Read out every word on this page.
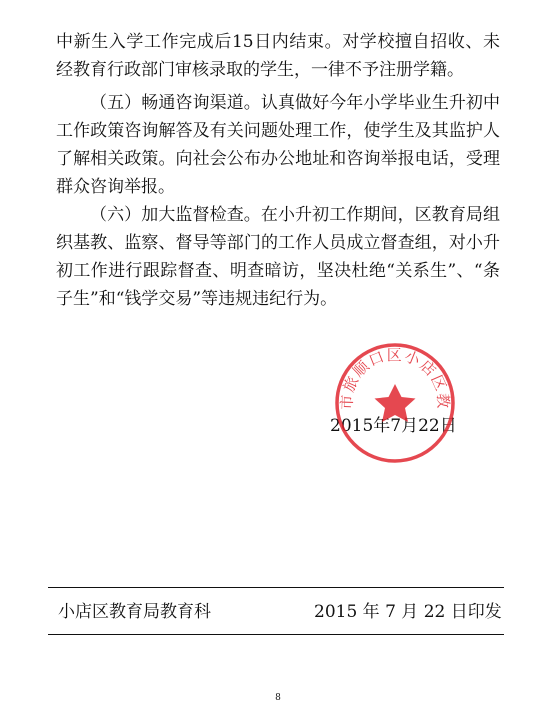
中新生入学工作完成后15日内结束。对学校擅自招收、未经教育行政部门审核录取的学生，一律不予注册学籍。

（五）畅通咨询渠道。认真做好今年小学毕业生升初中工作政策咨询解答及有关问题处理工作，使学生及其监护人了解相关政策。向社会公布办公地址和咨询举报电话，受理群众咨询举报。

（六）加大监督检查。在小升初工作期间，区教育局组织基教、监察、督导等部门的工作人员成立督查组，对小升初工作进行跟踪督查、明查暗访，坚决杜绝“关系生”、“条子生”和“钱学交易”等违规违纪行为。

2015年7月22日
市旅顺口区小店区教
小店区教育局教育科	2015 年 7 月 22 日印发
8
